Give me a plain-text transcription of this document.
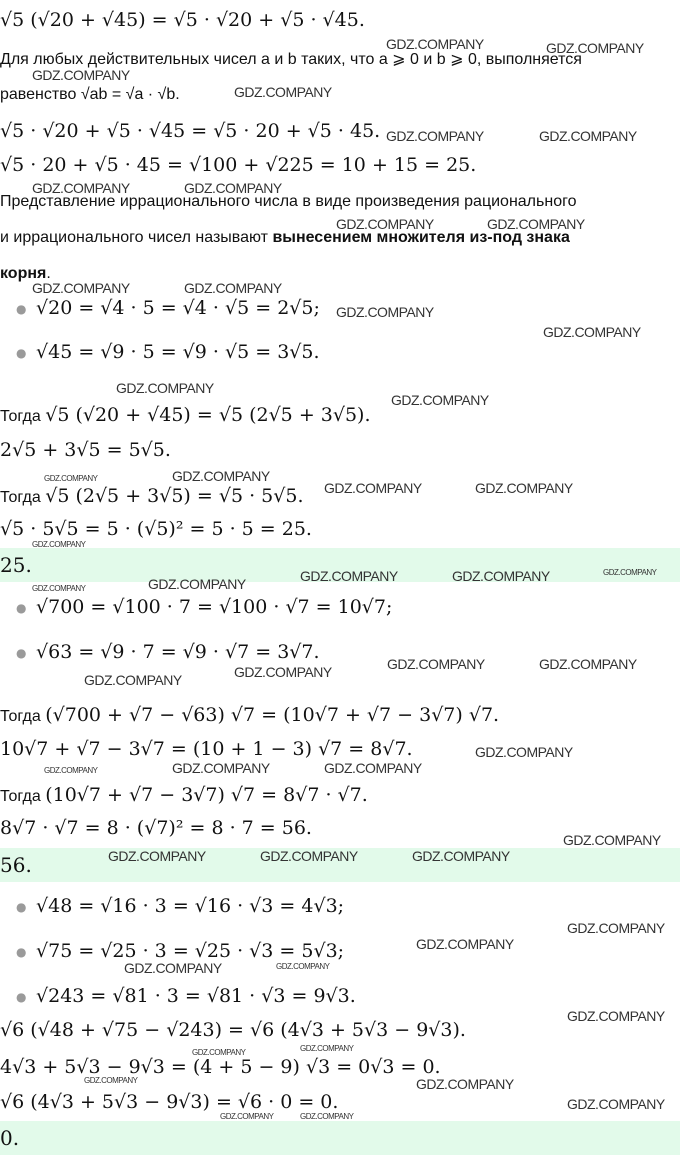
√5 (√20 + √45) = √5 · √20 + √5 · √45.
Для любых действительных чисел a и b таких, что a ⩾ 0 и b ⩾ 0, выполняется
равенство √ab = √a · √b.
√5 · √20 + √5 · √45 = √5 · 20 + √5 · 45.
√5 · 20 + √5 · 45 = √100 + √225 = 10 + 15 = 25.
Представление иррационального числа в виде произведения рационального
и иррационального чисел называют вынесением множителя из-под знака
корня.
● √20 = √4 · 5 = √4 · √5 = 2√5;
● √45 = √9 · 5 = √9 · √5 = 3√5.
Тогда √5 (√20 + √45) = √5 (2√5 + 3√5).
2√5 + 3√5 = 5√5.
Тогда √5 (2√5 + 3√5) = √5 · 5√5.
√5 · 5√5 = 5 · (√5)² = 5 · 5 = 25.
25.
● √700 = √100 · 7 = √100 · √7 = 10√7;
● √63 = √9 · 7 = √9 · √7 = 3√7.
Тогда (√700 + √7 − √63) √7 = (10√7 + √7 − 3√7) √7.
10√7 + √7 − 3√7 = (10 + 1 − 3) √7 = 8√7.
Тогда (10√7 + √7 − 3√7) √7 = 8√7 · √7.
8√7 · √7 = 8 · (√7)² = 8 · 7 = 56.
56.
● √48 = √16 · 3 = √16 · √3 = 4√3;
● √75 = √25 · 3 = √25 · √3 = 5√3;
● √243 = √81 · 3 = √81 · √3 = 9√3.
√6 (√48 + √75 − √243) = √6 (4√3 + 5√3 − 9√3).
4√3 + 5√3 − 9√3 = (4 + 5 − 9) √3 = 0√3 = 0.
√6 (4√3 + 5√3 − 9√3) = √6 · 0 = 0.
0.
GDZ.COMPANY	GDZ.COMPANY
GDZ.COMPANY
GDZ.COMPANY
GDZ.COMPANY	GDZ.COMPANY
GDZ.COMPANY	GDZ.COMPANY
GDZ.COMPANY	GDZ.COMPANY
GDZ.COMPANY	GDZ.COMPANY
GDZ.COMPANY
GDZ.COMPANY
GDZ.COMPANY
GDZ.COMPANY
GDZ.COMPANY
GDZ.COMPANY
GDZ.COMPANY	GDZ.COMPANY
GDZ.COMPANY
GDZ.COMPANY	GDZ.COMPANY	GDZ.COMPANY	GDZ.COMPANY
GDZ.COMPANY
GDZ.COMPANY	GDZ.COMPANY	GDZ.COMPANY
GDZ.COMPANY
GDZ.COMPANY
GDZ.COMPANY	GDZ.COMPANY	GDZ.COMPANY
GDZ.COMPANY
GDZ.COMPANY	GDZ.COMPANY	GDZ.COMPANY
GDZ.COMPANY
GDZ.COMPANY
GDZ.COMPANY	GDZ.COMPANY
GDZ.COMPANY
GDZ.COMPANY	GDZ.COMPANY
GDZ.COMPANY	GDZ.COMPANY
GDZ.COMPANY
GDZ.COMPANY	GDZ.COMPANY
